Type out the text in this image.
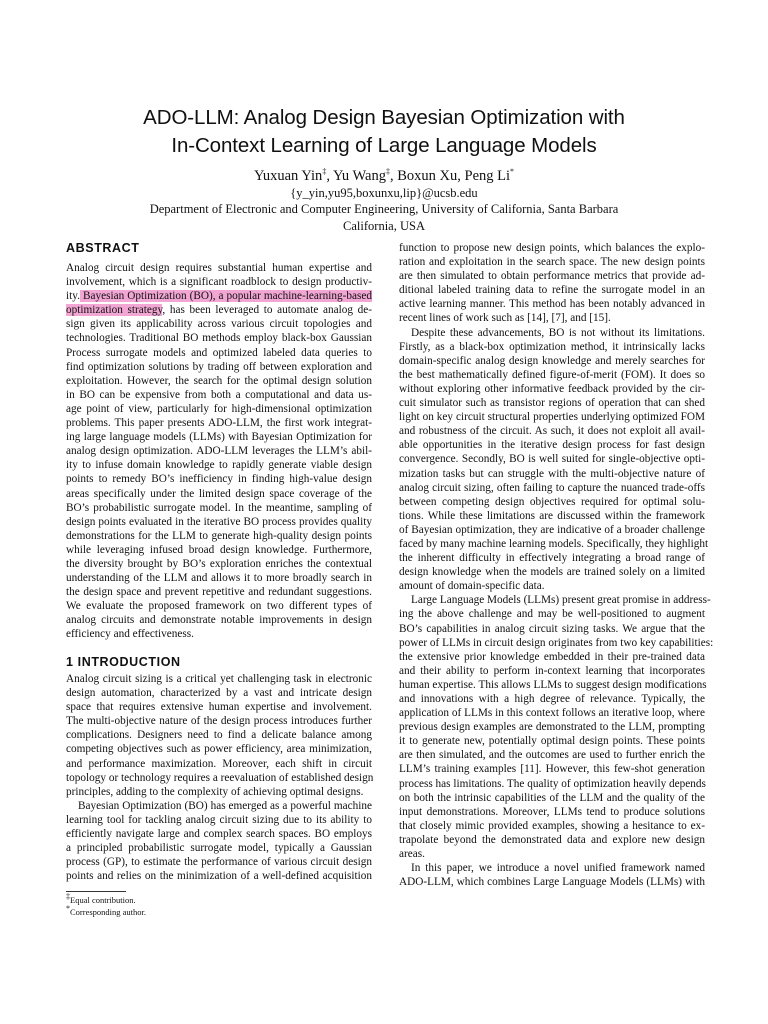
ADO-LLM: Analog Design Bayesian Optimization with
In-Context Learning of Large Language Models
Yuxuan Yin‡, Yu Wang‡, Boxun Xu, Peng Li*
{y_yin,yu95,boxunxu,lip}@ucsb.edu
Department of Electronic and Computer Engineering, University of California, Santa Barbara
California, USA
ABSTRACT
Analog circuit design requires substantial human expertise and
involvement, which is a significant roadblock to design productiv-
ity. Bayesian Optimization (BO), a popular machine-learning-based
optimization strategy, has been leveraged to automate analog de-
sign given its applicability across various circuit topologies and
technologies. Traditional BO methods employ black-box Gaussian
Process surrogate models and optimized labeled data queries to
find optimization solutions by trading off between exploration and
exploitation. However, the search for the optimal design solution
in BO can be expensive from both a computational and data us-
age point of view, particularly for high-dimensional optimization
problems. This paper presents ADO-LLM, the first work integrat-
ing large language models (LLMs) with Bayesian Optimization for
analog design optimization. ADO-LLM leverages the LLM’s abil-
ity to infuse domain knowledge to rapidly generate viable design
points to remedy BO’s inefficiency in finding high-value design
areas specifically under the limited design space coverage of the
BO’s probabilistic surrogate model. In the meantime, sampling of
design points evaluated in the iterative BO process provides quality
demonstrations for the LLM to generate high-quality design points
while leveraging infused broad design knowledge. Furthermore,
the diversity brought by BO’s exploration enriches the contextual
understanding of the LLM and allows it to more broadly search in
the design space and prevent repetitive and redundant suggestions.
We evaluate the proposed framework on two different types of
analog circuits and demonstrate notable improvements in design
efficiency and effectiveness.
1 INTRODUCTION
Analog circuit sizing is a critical yet challenging task in electronic
design automation, characterized by a vast and intricate design
space that requires extensive human expertise and involvement.
The multi-objective nature of the design process introduces further
complications. Designers need to find a delicate balance among
competing objectives such as power efficiency, area minimization,
and performance maximization. Moreover, each shift in circuit
topology or technology requires a reevaluation of established design
principles, adding to the complexity of achieving optimal designs.
Bayesian Optimization (BO) has emerged as a powerful machine
learning tool for tackling analog circuit sizing due to its ability to
efficiently navigate large and complex search spaces. BO employs
a principled probabilistic surrogate model, typically a Gaussian
process (GP), to estimate the performance of various circuit design
points and relies on the minimization of a well-defined acquisition
function to propose new design points, which balances the explo-
ration and exploitation in the search space. The new design points
are then simulated to obtain performance metrics that provide ad-
ditional labeled training data to refine the surrogate model in an
active learning manner. This method has been notably advanced in
recent lines of work such as [14], [7], and [15].
Despite these advancements, BO is not without its limitations.
Firstly, as a black-box optimization method, it intrinsically lacks
domain-specific analog design knowledge and merely searches for
the best mathematically defined figure-of-merit (FOM). It does so
without exploring other informative feedback provided by the cir-
cuit simulator such as transistor regions of operation that can shed
light on key circuit structural properties underlying optimized FOM
and robustness of the circuit. As such, it does not exploit all avail-
able opportunities in the iterative design process for fast design
convergence. Secondly, BO is well suited for single-objective opti-
mization tasks but can struggle with the multi-objective nature of
analog circuit sizing, often failing to capture the nuanced trade-offs
between competing design objectives required for optimal solu-
tions. While these limitations are discussed within the framework
of Bayesian optimization, they are indicative of a broader challenge
faced by many machine learning models. Specifically, they highlight
the inherent difficulty in effectively integrating a broad range of
design knowledge when the models are trained solely on a limited
amount of domain-specific data.
Large Language Models (LLMs) present great promise in address-
ing the above challenge and may be well-positioned to augment
BO’s capabilities in analog circuit sizing tasks. We argue that the
power of LLMs in circuit design originates from two key capabilities:
the extensive prior knowledge embedded in their pre-trained data
and their ability to perform in-context learning that incorporates
human expertise. This allows LLMs to suggest design modifications
and innovations with a high degree of relevance. Typically, the
application of LLMs in this context follows an iterative loop, where
previous design examples are demonstrated to the LLM, prompting
it to generate new, potentially optimal design points. These points
are then simulated, and the outcomes are used to further enrich the
LLM’s training examples [11]. However, this few-shot generation
process has limitations. The quality of optimization heavily depends
on both the intrinsic capabilities of the LLM and the quality of the
input demonstrations. Moreover, LLMs tend to produce solutions
that closely mimic provided examples, showing a hesitance to ex-
trapolate beyond the demonstrated data and explore new design
areas.
In this paper, we introduce a novel unified framework named
ADO-LLM, which combines Large Language Models (LLMs) with
‡Equal contribution.
*Corresponding author.
